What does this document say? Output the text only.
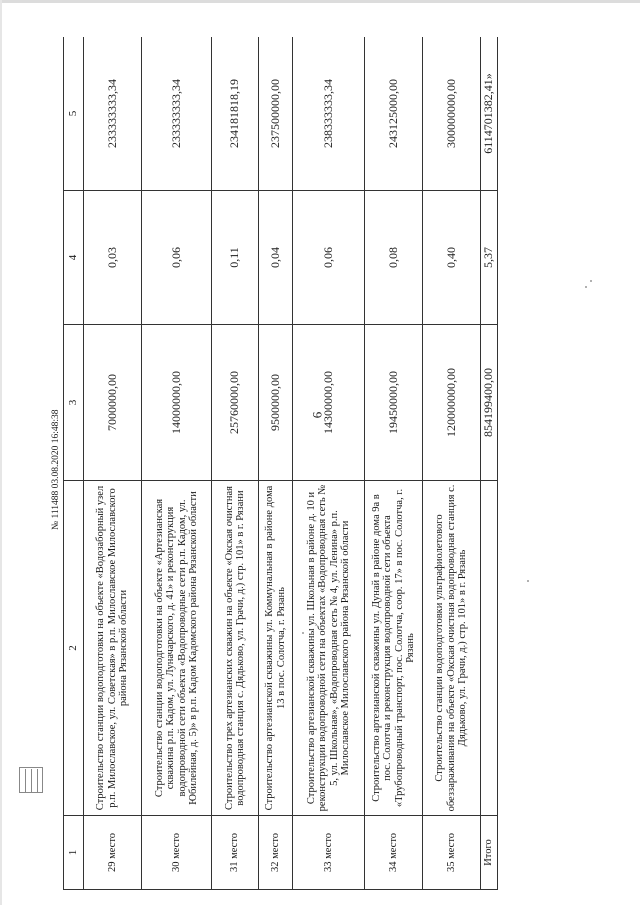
6
1	2	3	4	5
29 место	Строительство станции водоподготовки на объекте «Водозаборный узел р.п. Милославское, ул. Советская» в р.п. Милославское Милославского района Рязанской области	7000000,00	0,03	233333333,34
30 место	Строительство станции водоподготовки на объекте «Артезианская скважина р.п. Кадом, ул. Луначарского, д. 41» и реконструкция водопроводной сети объекта «Водопроводные сети р.п. Кадом, ул. Юбилейная, д. 5)» в р.п. Кадом Кадомского района Рязанской области	14000000,00	0,06	233333333,34
31 место	Строительство трех артезианских скважин на объекте «Окская очистная водопроводная станция с. Дядьково, ул. Грачи, д.) стр. 101» в г. Рязани	25760000,00	0,11	234181818,19
32 место	Строительство артезианской скважины ул. Коммунальная в районе дома 13 в пос. Солотча, г. Рязань	9500000,00	0,04	237500000,00
33 место	Строительство артезианской скважины ул. Школьная в районе д. 10 и реконструкции водопроводной сети на объектах «Водопроводная сеть № 5, ул. Школьная», «Водопроводная сеть № 4, ул. Ленина» р.п. Милославское Милославского района Рязанской области	14300000,00	0,06	238333333,34
34 место	Строительство артезианской скважины ул. Дунай в районе дома 9а в пос. Солотча и реконструкция водопроводной сети объекта «Трубопроводный транспорт, пос. Солотча, соор. 17» в пос. Солотча, г. Рязань	19450000,00	0,08	243125000,00
35 место	Строительство станции водоподготовки ультрафиолетового обеззараживания на объекте «Окская очистная водопроводная станция с. Дядьково, ул. Грачи, д.) стр. 101» в г. Рязань	120000000,00	0,40	300000000,00
Итого		854199400,00	5,37	6114701382,41»
№ 111488 03.08.2020 16:48:38
